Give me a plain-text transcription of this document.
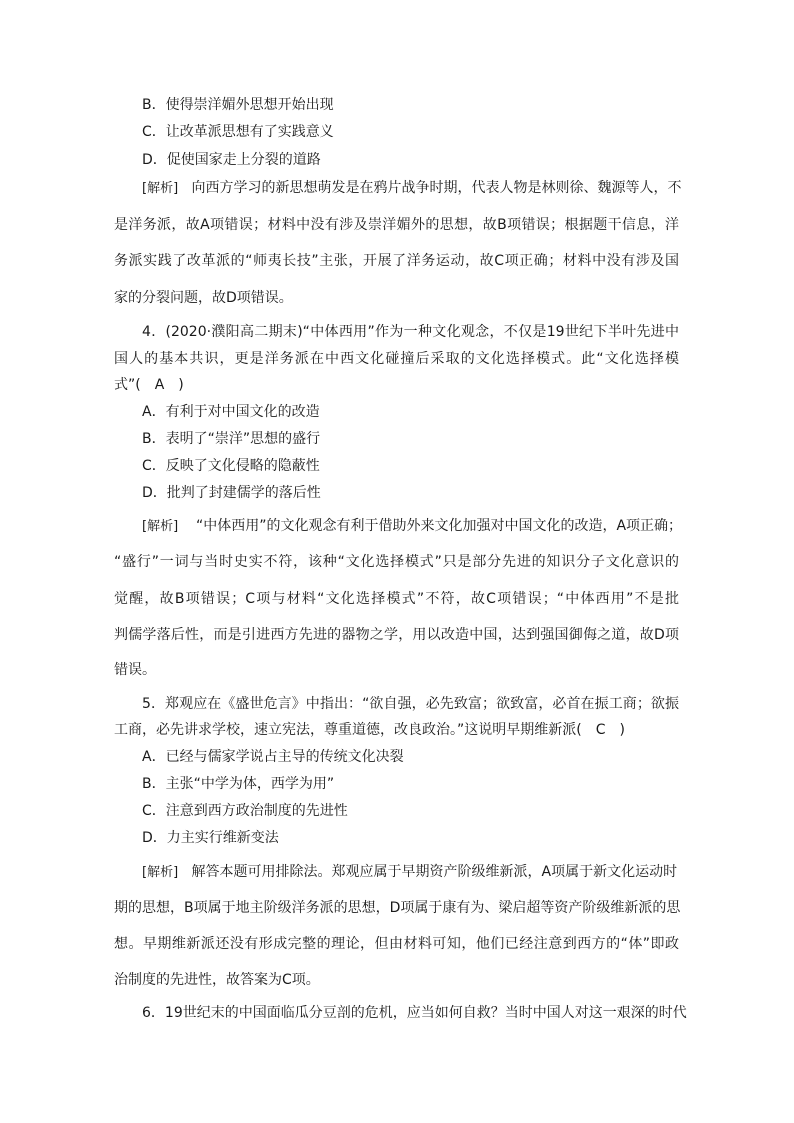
B．使得崇洋媚外思想开始出现
C．让改革派思想有了实践意义
D．促使国家走上分裂的道路
[解析] 向西方学习的新思想萌发是在鸦片战争时期，代表人物是林则徐、魏源等人，不
是洋务派，故A项错误；材料中没有涉及崇洋媚外的思想，故B项错误；根据题干信息，洋
务派实践了改革派的“师夷长技”主张，开展了洋务运动，故C项正确；材料中没有涉及国
家的分裂问题，故D项错误。
4．(2020·濮阳高二期末)“中体西用”作为一种文化观念，不仅是19世纪下半叶先进中
国人的基本共识，更是洋务派在中西文化碰撞后采取的文化选择模式。此“文化选择模
式”(　A　)
A．有利于对中国文化的改造
B．表明了“崇洋”思想的盛行
C．反映了文化侵略的隐蔽性
D．批判了封建儒学的落后性
[解析] “中体西用”的文化观念有利于借助外来文化加强对中国文化的改造，A项正确；
“盛行”一词与当时史实不符，该种“文化选择模式”只是部分先进的知识分子文化意识的
觉醒，故B项错误；C项与材料“文化选择模式”不符，故C项错误；“中体西用”不是批
判儒学落后性，而是引进西方先进的器物之学，用以改造中国，达到强国御侮之道，故D项
错误。
5．郑观应在《盛世危言》中指出：“欲自强，必先致富；欲致富，必首在振工商；欲振
工商，必先讲求学校，速立宪法，尊重道德，改良政治。”这说明早期维新派(　C　)
A．已经与儒家学说占主导的传统文化决裂
B．主张“中学为体，西学为用”
C．注意到西方政治制度的先进性
D．力主实行维新变法
[解析] 解答本题可用排除法。郑观应属于早期资产阶级维新派，A项属于新文化运动时
期的思想，B项属于地主阶级洋务派的思想，D项属于康有为、梁启超等资产阶级维新派的思
想。早期维新派还没有形成完整的理论，但由材料可知，他们已经注意到西方的“体”即政
治制度的先进性，故答案为C项。
6．19世纪末的中国面临瓜分豆剖的危机，应当如何自救？当时中国人对这一艰深的时代
